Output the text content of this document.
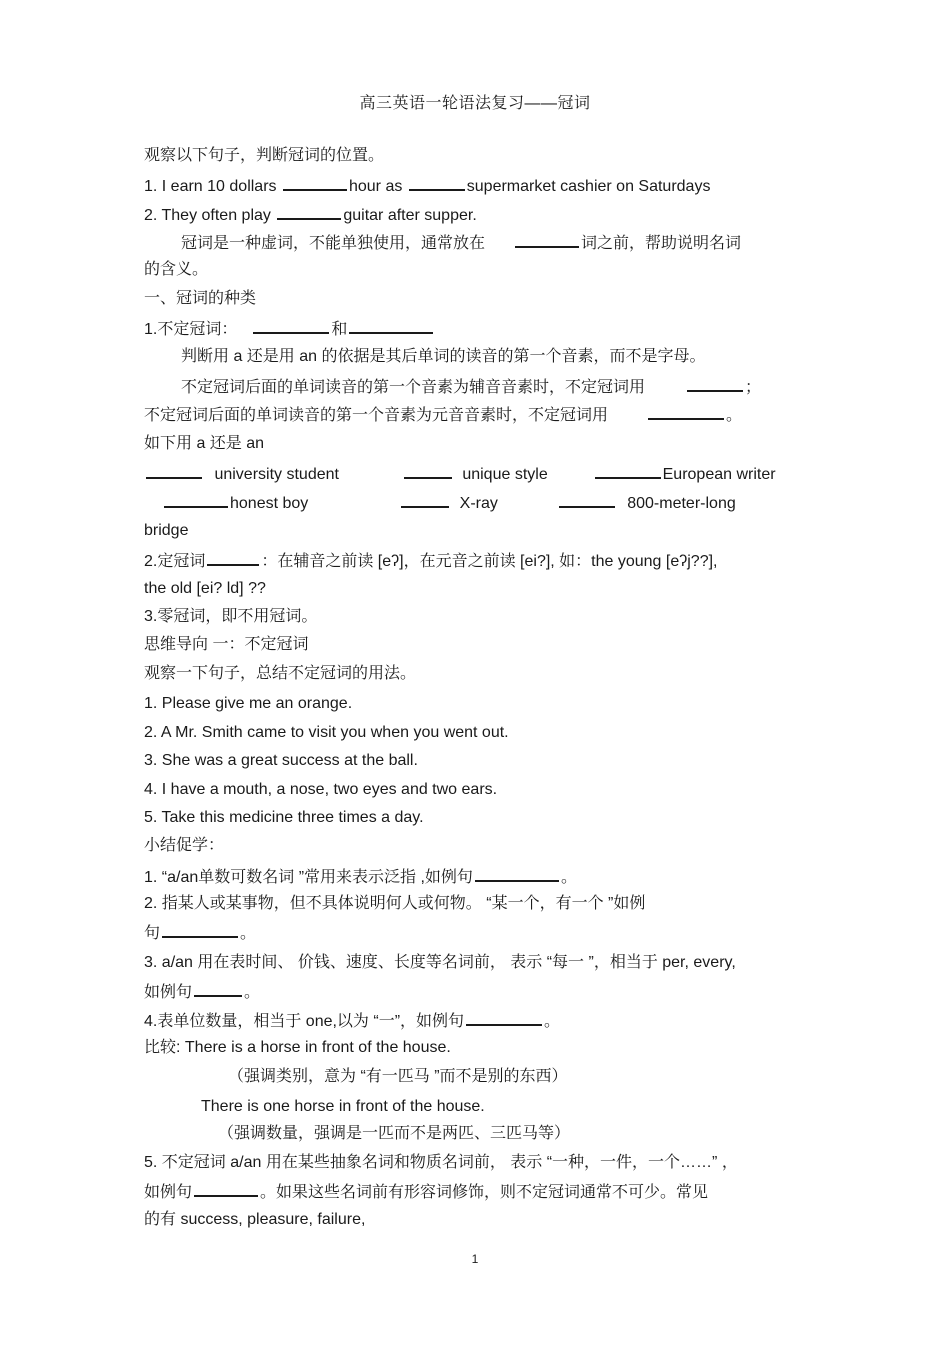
高三英语一轮语法复习——冠词
观察以下句子，判断冠词的位置。
1. I earn 10 dollars	hour as	supermarket cashier on Saturdays
2. They often play	guitar after supper.
冠词是一种虚词，不能单独使用，通常放在	词之前，帮助说明名词
的含义。
一、冠词的种类
1.不定冠词：	和
判断用 a 还是用 an 的依据是其后单词的读音的第一个音素，而不是字母。
不定冠词后面的单词读音的第一个音素为辅音音素时，不定冠词用	；
不定冠词后面的单词读音的第一个音素为元音音素时，不定冠词用	。
如下用 a 还是 an
university student	unique style	European writer
honest boy	X-ray	800-meter-long
bridge
2.定冠词	：在辅音之前读 [eʔ]，在元音之前读 [ei?], 如：the young [eʔj??],
the old [ei? ld] ??
3.零冠词，即不用冠词。
思维导向 一：不定冠词
观察一下句子，总结不定冠词的用法。
1. Please give me an orange.
2. A Mr. Smith came to visit you when you went out.
3. She was a great success at the ball.
4. I have a mouth, a nose, two eyes and two ears.
5. Take this medicine three times a day.
小结促学：
1. “a/an单数可数名词 ”常用来表示泛指 ,如例句	。
2. 指某人或某事物，但不具体说明何人或何物。 “某一个，有一个 ”如例
句	。
3. a/an 用在表时间、 价钱、速度、长度等名词前， 表示 “每一 ”，相当于 per, every,
如例句	。
4.表单位数量，相当于 one,以为 “一”，如例句	。
比较: There is a horse in front of the house.
（强调类别，意为 “有一匹马 ”而不是别的东西）
There is one horse in front of the house.
（强调数量，强调是一匹而不是两匹、三匹马等）
5. 不定冠词 a/an 用在某些抽象名词和物质名词前， 表示 “一种，一件，一个……” ，
如例句	。如果这些名词前有形容词修饰，则不定冠词通常不可少。常见
的有 success, pleasure, failure,
1
